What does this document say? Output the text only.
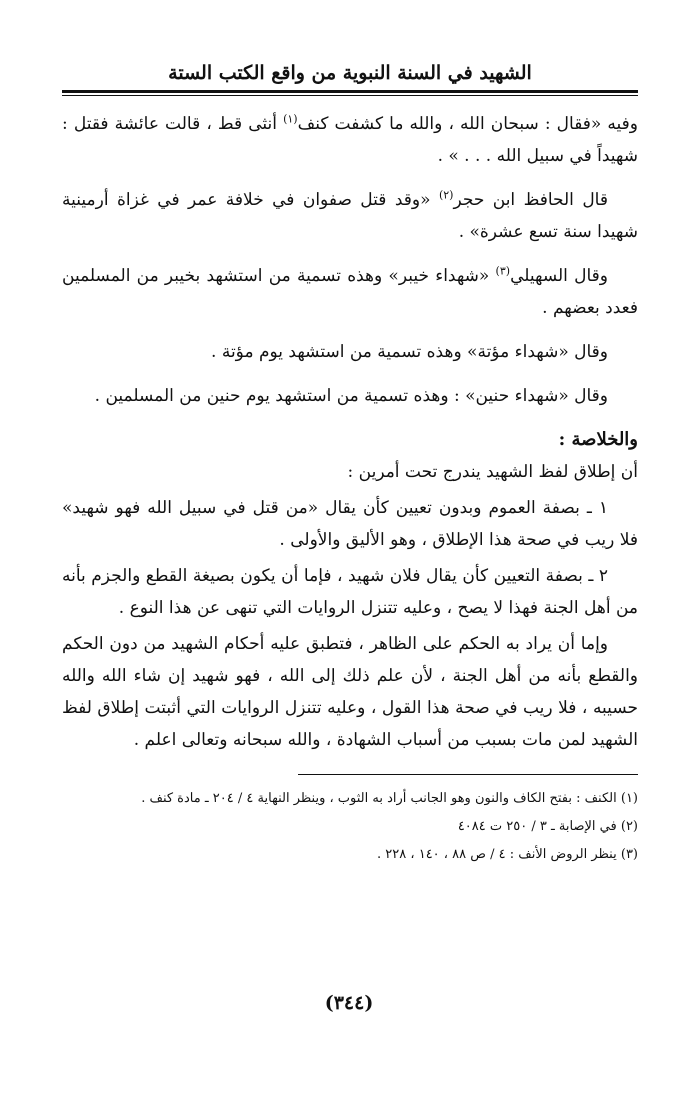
الشهيد في السنة النبوية من واقع الكتب الستة

وفيه «فقال : سبحان الله ، والله ما كشفت كنف$^{(١)}$ أنثى قط ، قالت عائشة فقتل : شهيداً في سبيل الله . . . » .

قال الحافظ ابن حجر$^{(٢)}$ «وقد قتل صفوان في خلافة عمر في غزاة أرمينية شهيدا سنة تسع عشرة» .

وقال السهيلي$^{(٣)}$ «شهداء خيبر» وهذه تسمية من استشهد بخيبر من المسلمين فعدد بعضهم .

وقال «شهداء مؤتة» وهذه تسمية من استشهد يوم مؤتة .

وقال «شهداء حنين» : وهذه تسمية من استشهد يوم حنين من المسلمين .

والخلاصة :

أن إطلاق لفظ الشهيد يندرج تحت أمرين :

١ ـ بصفة العموم وبدون تعيين كأن يقال «من قتل في سبيل الله فهو شهيد» فلا ريب في صحة هذا الإطلاق ، وهو الأليق والأولى .

٢ ـ بصفة التعيين كأن يقال فلان شهيد ، فإما أن يكون بصيغة القطع والجزم بأنه من أهل الجنة فهذا لا يصح ، وعليه تتنزل الروايات التي تنهى عن هذا النوع .

وإما أن يراد به الحكم على الظاهر ، فتطبق عليه أحكام الشهيد من دون الحكم والقطع بأنه من أهل الجنة ، لأن علم ذلك إلى الله ، فهو شهيد إن شاء الله والله حسيبه ، فلا ريب في صحة هذا القول ، وعليه تتنزل الروايات التي أثبتت إطلاق لفظ الشهيد لمن مات بسبب من أسباب الشهادة ، والله سبحانه وتعالى اعلم .

(١) الكنف : بفتح الكاف والنون وهو الجانب أراد به الثوب ، وينظر النهاية ٤ / ٢٠٤ ـ مادة كنف .

(٢) في الإصابة ـ ٣ / ٢٥٠ ت ٤٠٨٤

(٣) ينظر الروض الأنف : ٤ / ص ٨٨ ، ١٤٠ ، ٢٢٨ .

(٣٤٤)
